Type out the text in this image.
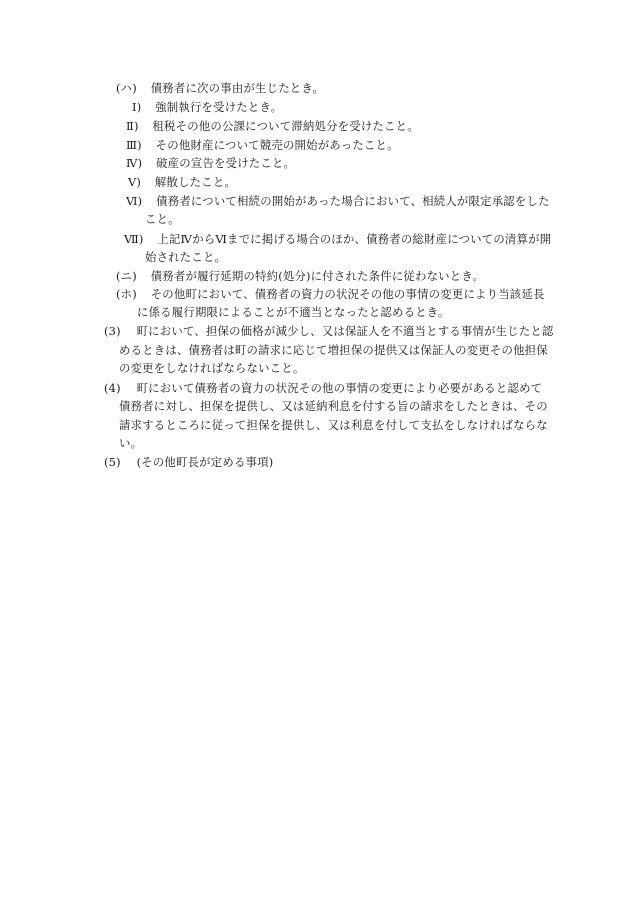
(ハ) 債務者に次の事由が生じたとき。
Ⅰ) 強制執行を受けたとき。
Ⅱ) 租税その他の公課について滞納処分を受けたこと。
Ⅲ) その他財産について競売の開始があったこと。
Ⅳ) 破産の宣告を受けたこと。
Ⅴ) 解散したこと。
Ⅵ) 債務者について相続の開始があった場合において、相続人が限定承認をした
こと。
Ⅶ) 上記ⅣからⅥまでに掲げる場合のほか、債務者の総財産についての清算が開
始されたこと。
(ニ) 債務者が履行延期の特約(処分)に付された条件に従わないとき。
(ホ) その他町において、債務者の資力の状況その他の事情の変更により当該延長
に係る履行期限によることが不適当となったと認めるとき。
(3) 町において、担保の価格が減少し、又は保証人を不適当とする事情が生じたと認
めるときは、債務者は町の請求に応じて増担保の提供又は保証人の変更その他担保
の変更をしなければならないこと。
(4) 町において債務者の資力の状況その他の事情の変更により必要があると認めて
債務者に対し、担保を提供し、又は延納利息を付する旨の請求をしたときは、その
請求するところに従って担保を提供し、又は利息を付して支払をしなければならな
い。
(5) (その他町長が定める事項)
